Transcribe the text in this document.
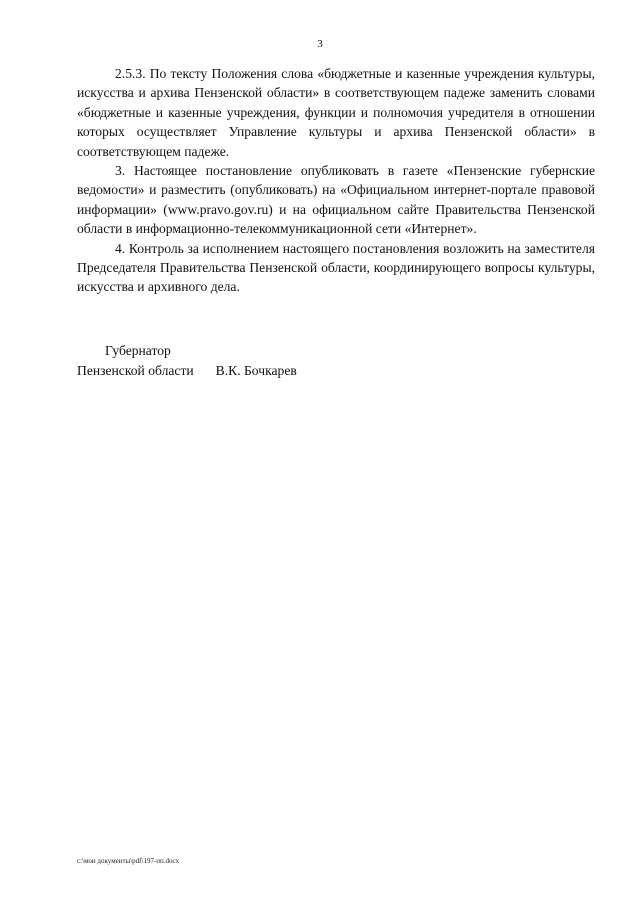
3

2.5.3. По тексту Положения слова «бюджетные и казенные учреждения культуры, искусства и архива Пензенской области» в соответствующем падеже заменить словами «бюджетные и казенные учреждения, функции и полномочия учредителя в отношении которых осуществляет Управление культуры и архива Пензенской области» в соответствующем падеже.

3. Настоящее постановление опубликовать в газете «Пензенские губернские ведомости» и разместить (опубликовать) на «Официальном интернет-портале правовой информации» (www.pravo.gov.ru) и на официальном сайте Правительства Пензенской области в информационно-телекоммуникационной сети «Интернет».

4. Контроль за исполнением настоящего постановления возложить на заместителя Председателя Правительства Пензенской области, координирующего вопросы культуры, искусства и архивного дела.

Губернатор
Пензенской области В.К. Бочкарев
c:\мои документы\pdf\197-пп.docx
